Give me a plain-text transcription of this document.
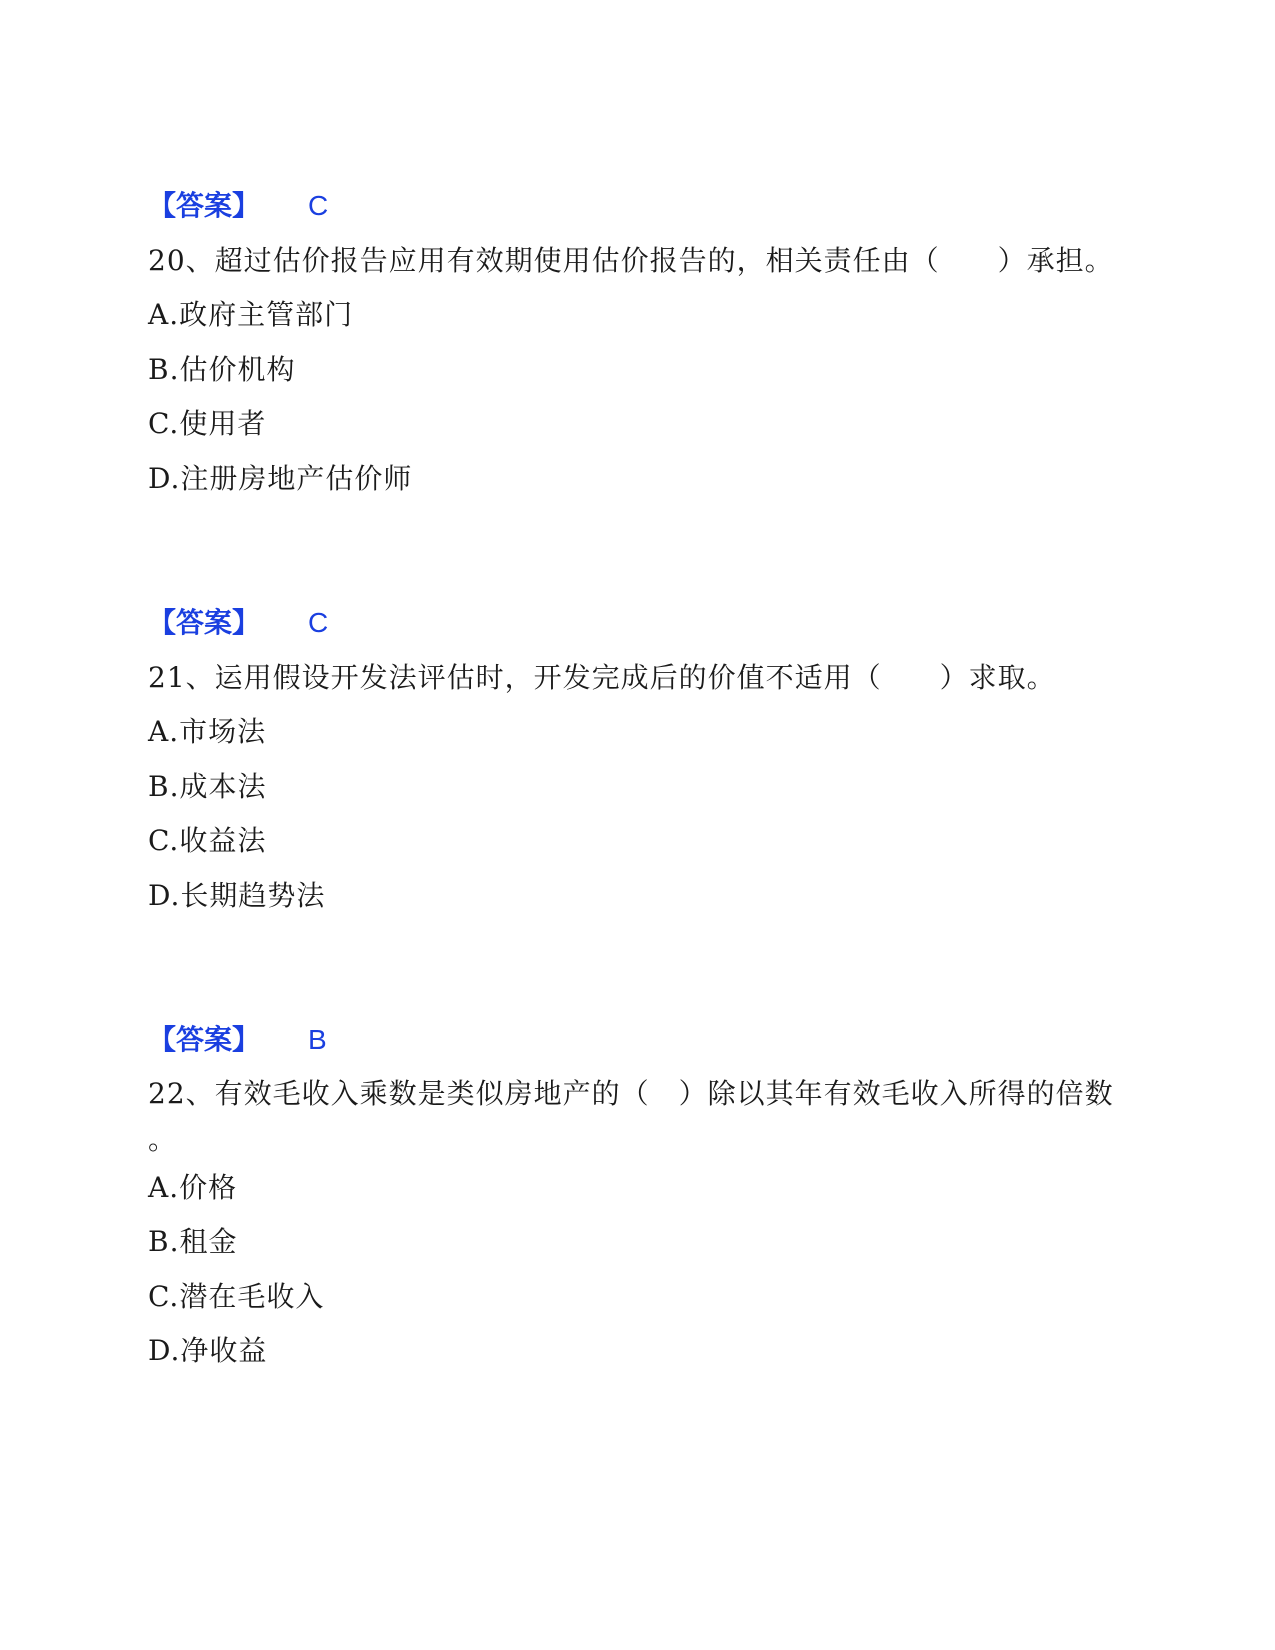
【答案】 C
20、超过估价报告应用有效期使用估价报告的，相关责任由（　　）承担。
A.政府主管部门
B.估价机构
C.使用者
D.注册房地产估价师
【答案】 C
21、运用假设开发法评估时，开发完成后的价值不适用（　　）求取。
A.市场法
B.成本法
C.收益法
D.长期趋势法
【答案】 B
22、有效毛收入乘数是类似房地产的（　）除以其年有效毛收入所得的倍数
。
A.价格
B.租金
C.潜在毛收入
D.净收益
